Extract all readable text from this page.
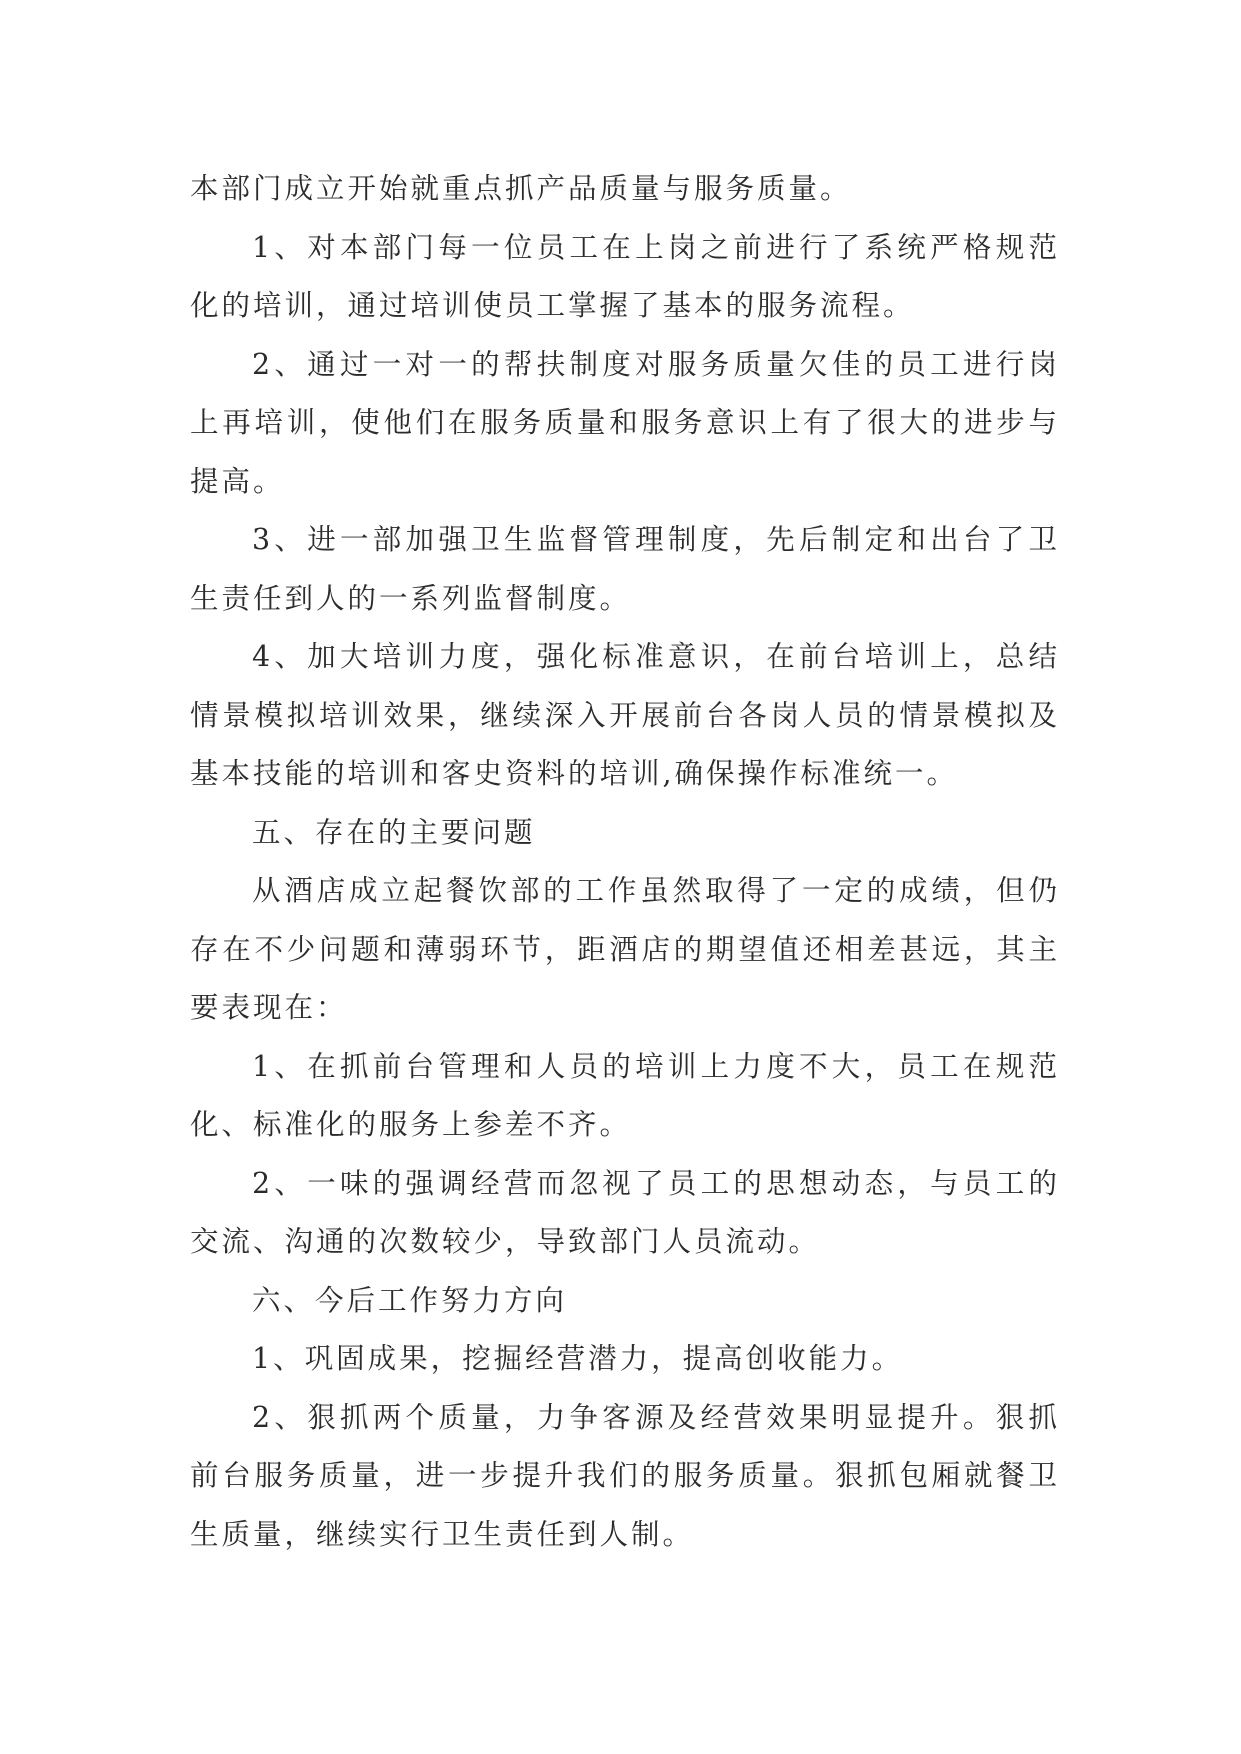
本部门成立开始就重点抓产品质量与服务质量。

1、对本部门每一位员工在上岗之前进行了系统严格规范化的培训，通过培训使员工掌握了基本的服务流程。

2、通过一对一的帮扶制度对服务质量欠佳的员工进行岗上再培训，使他们在服务质量和服务意识上有了很大的进步与提高。

3、进一部加强卫生监督管理制度，先后制定和出台了卫生责任到人的一系列监督制度。

4、加大培训力度，强化标准意识，在前台培训上，总结情景模拟培训效果，继续深入开展前台各岗人员的情景模拟及基本技能的培训和客史资料的培训,确保操作标准统一。

五、存在的主要问题

从酒店成立起餐饮部的工作虽然取得了一定的成绩，但仍存在不少问题和薄弱环节，距酒店的期望值还相差甚远，其主要表现在：

1、在抓前台管理和人员的培训上力度不大，员工在规范化、标准化的服务上参差不齐。

2、一味的强调经营而忽视了员工的思想动态，与员工的交流、沟通的次数较少，导致部门人员流动。

六、今后工作努力方向

1、巩固成果，挖掘经营潜力，提高创收能力。

2、狠抓两个质量，力争客源及经营效果明显提升。狠抓前台服务质量，进一步提升我们的服务质量。狠抓包厢就餐卫生质量，继续实行卫生责任到人制。
